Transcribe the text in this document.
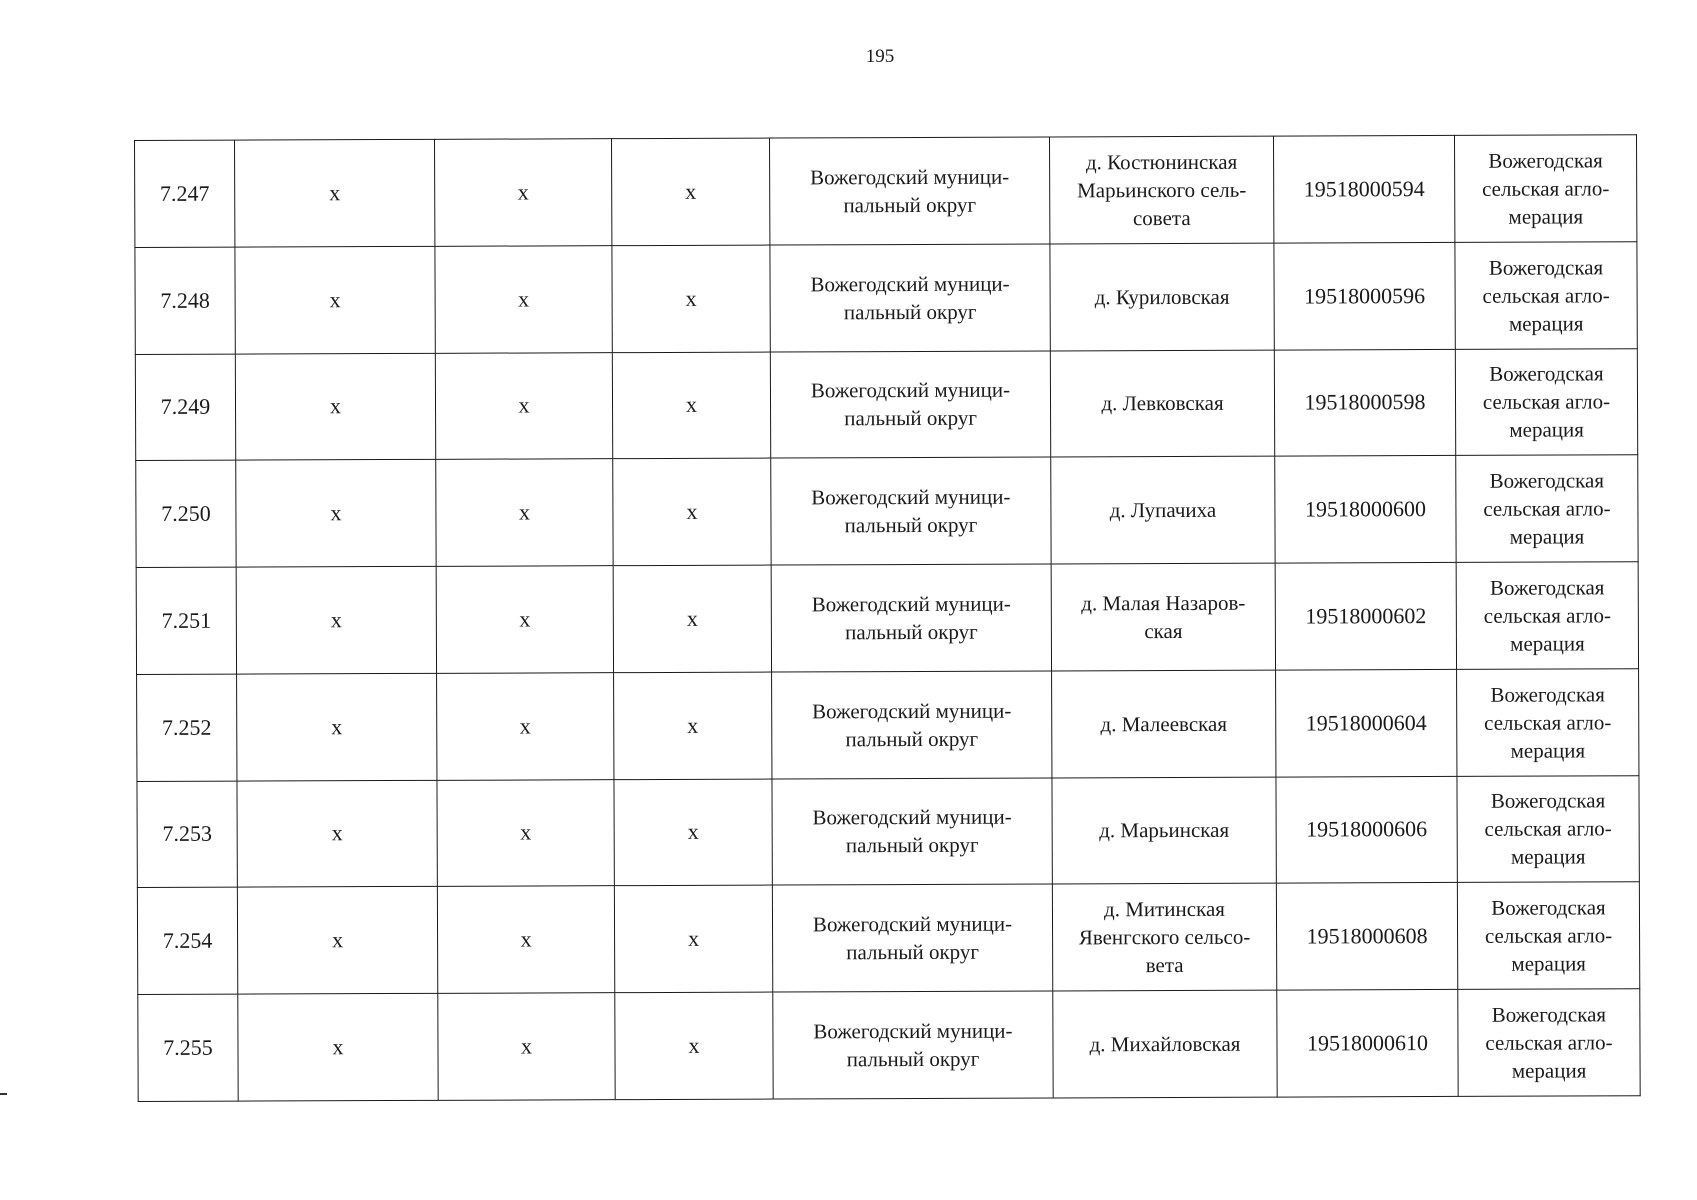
195
7.247	x	x	x	Вожегодский муници-
пальный округ	д. Костюнинская
Марьинского сель-
совета	19518000594	Вожегодская
сельская агло-
мерация
7.248	x	x	x	Вожегодский муници-
пальный округ	д. Куриловская	19518000596	Вожегодская
сельская агло-
мерация
7.249	x	x	x	Вожегодский муници-
пальный округ	д. Левковская	19518000598	Вожегодская
сельская агло-
мерация
7.250	x	x	x	Вожегодский муници-
пальный округ	д. Лупачиха	19518000600	Вожегодская
сельская агло-
мерация
7.251	x	x	x	Вожегодский муници-
пальный округ	д. Малая Назаров-
ская	19518000602	Вожегодская
сельская агло-
мерация
7.252	x	x	x	Вожегодский муници-
пальный округ	д. Малеевская	19518000604	Вожегодская
сельская агло-
мерация
7.253	x	x	x	Вожегодский муници-
пальный округ	д. Марьинская	19518000606	Вожегодская
сельская агло-
мерация
7.254	x	x	x	Вожегодский муници-
пальный округ	д. Митинская
Явенгского сельсо-
вета	19518000608	Вожегодская
сельская агло-
мерация
7.255	x	x	x	Вожегодский муници-
пальный округ	д. Михайловская	19518000610	Вожегодская
сельская агло-
мерация
